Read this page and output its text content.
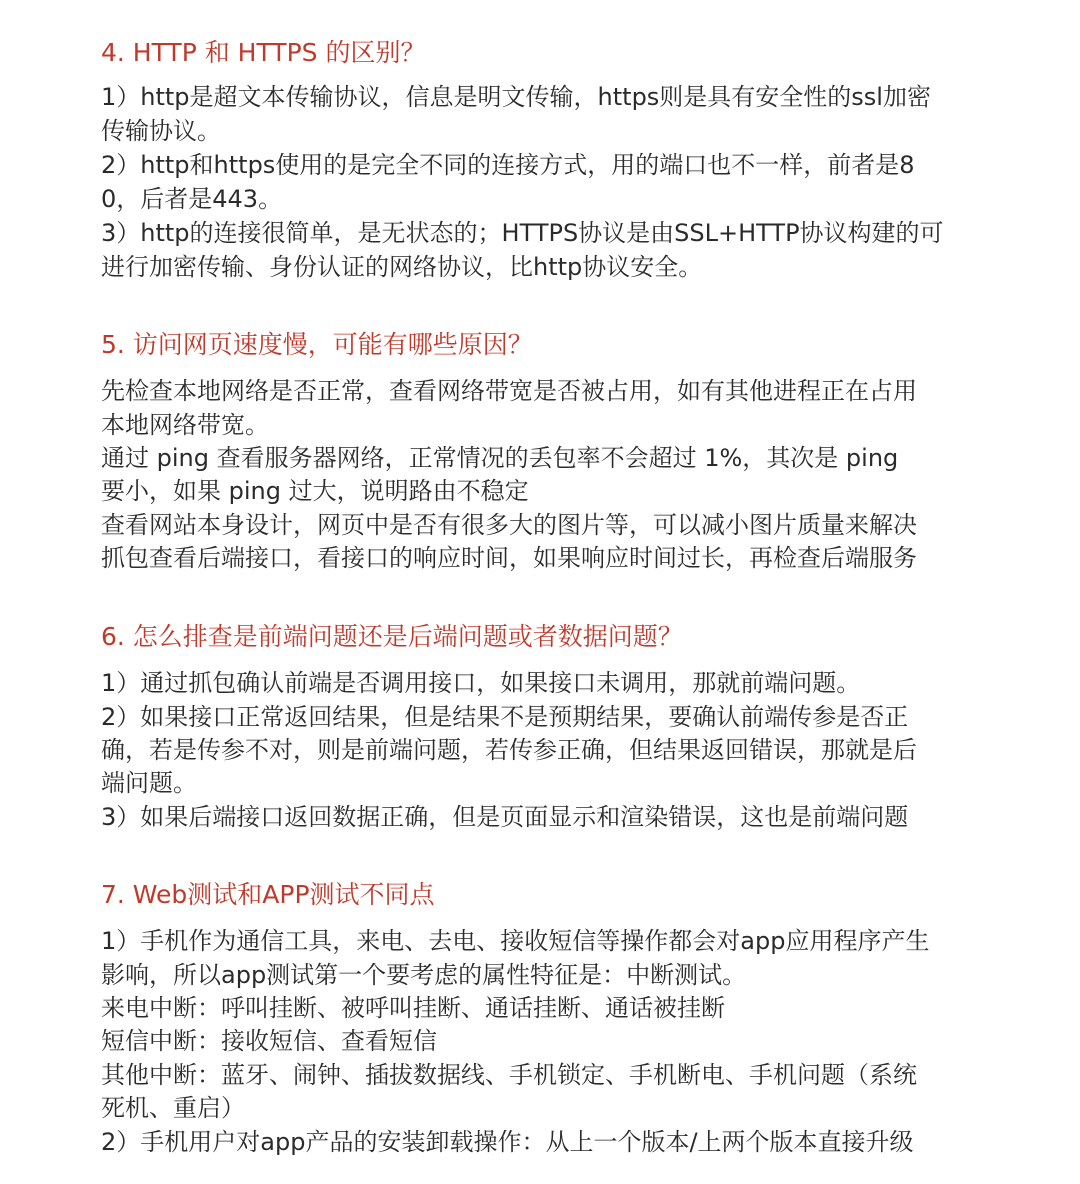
4. HTTP 和 HTTPS 的区别？

1）http是超文本传输协议，信息是明文传输，https则是具有安全性的ssl加密

传输协议。

2）http和https使用的是完全不同的连接方式，用的端口也不一样，前者是8

0，后者是443。

3）http的连接很简单，是无状态的；HTTPS协议是由SSL+HTTP协议构建的可

进行加密传输、身份认证的网络协议，比http协议安全。

5. 访问网页速度慢，可能有哪些原因？

先检查本地网络是否正常，查看网络带宽是否被占用，如有其他进程正在占用

本地网络带宽。

通过 ping 查看服务器网络，正常情况的丢包率不会超过 1%，其次是 ping

要小，如果 ping 过大，说明路由不稳定

查看网站本身设计，网页中是否有很多大的图片等，可以减小图片质量来解决

抓包查看后端接口，看接口的响应时间，如果响应时间过长，再检查后端服务

6. 怎么排查是前端问题还是后端问题或者数据问题？

1）通过抓包确认前端是否调用接口，如果接口未调用，那就前端问题。

2）如果接口正常返回结果，但是结果不是预期结果，要确认前端传参是否正

确，若是传参不对，则是前端问题，若传参正确，但结果返回错误，那就是后

端问题。

3）如果后端接口返回数据正确，但是页面显示和渲染错误，这也是前端问题

7. Web测试和APP测试不同点

1）手机作为通信工具，来电、去电、接收短信等操作都会对app应用程序产生

影响，所以app测试第一个要考虑的属性特征是：中断测试。

来电中断：呼叫挂断、被呼叫挂断、通话挂断、通话被挂断

短信中断：接收短信、查看短信

其他中断：蓝牙、闹钟、插拔数据线、手机锁定、手机断电、手机问题（系统

死机、重启）

2）手机用户对app产品的安装卸载操作：从上一个版本/上两个版本直接升级
